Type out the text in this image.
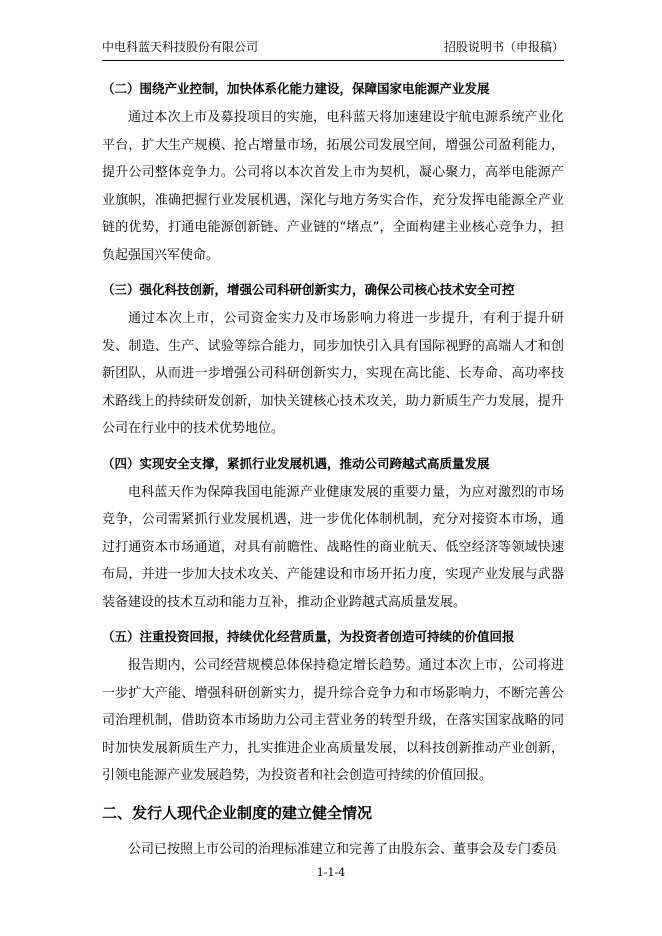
中电科蓝天科技股份有限公司	招股说明书（申报稿）

（二）围绕产业控制，加快体系化能力建设，保障国家电能源产业发展

通过本次上市及募投项目的实施，电科蓝天将加速建设宇航电源系统产业化平台，扩大生产规模、抢占增量市场，拓展公司发展空间，增强公司盈利能力，提升公司整体竞争力。公司将以本次首发上市为契机，凝心聚力，高举电能源产业旗帜，准确把握行业发展机遇，深化与地方务实合作，充分发挥电能源全产业链的优势，打通电能源创新链、产业链的“堵点”，全面构建主业核心竞争力，担负起强国兴军使命。

（三）强化科技创新，增强公司科研创新实力，确保公司核心技术安全可控

通过本次上市，公司资金实力及市场影响力将进一步提升，有利于提升研发、制造、生产、试验等综合能力，同步加快引入具有国际视野的高端人才和创新团队，从而进一步增强公司科研创新实力，实现在高比能、长寿命、高功率技术路线上的持续研发创新，加快关键核心技术攻关，助力新质生产力发展，提升公司在行业中的技术优势地位。

（四）实现安全支撑，紧抓行业发展机遇，推动公司跨越式高质量发展

电科蓝天作为保障我国电能源产业健康发展的重要力量，为应对激烈的市场竞争，公司需紧抓行业发展机遇，进一步优化体制机制，充分对接资本市场，通过打通资本市场通道，对具有前瞻性、战略性的商业航天、低空经济等领域快速布局，并进一步加大技术攻关、产能建设和市场开拓力度，实现产业发展与武器装备建设的技术互动和能力互补，推动企业跨越式高质量发展。

（五）注重投资回报，持续优化经营质量，为投资者创造可持续的价值回报

报告期内，公司经营规模总体保持稳定增长趋势。通过本次上市，公司将进一步扩大产能、增强科研创新实力，提升综合竞争力和市场影响力，不断完善公司治理机制，借助资本市场助力公司主营业务的转型升级，在落实国家战略的同时加快发展新质生产力，扎实推进企业高质量发展，以科技创新推动产业创新，引领电能源产业发展趋势，为投资者和社会创造可持续的价值回报。

二、发行人现代企业制度的建立健全情况

公司已按照上市公司的治理标准建立和完善了由股东会、董事会及专门委员

1-1-4
